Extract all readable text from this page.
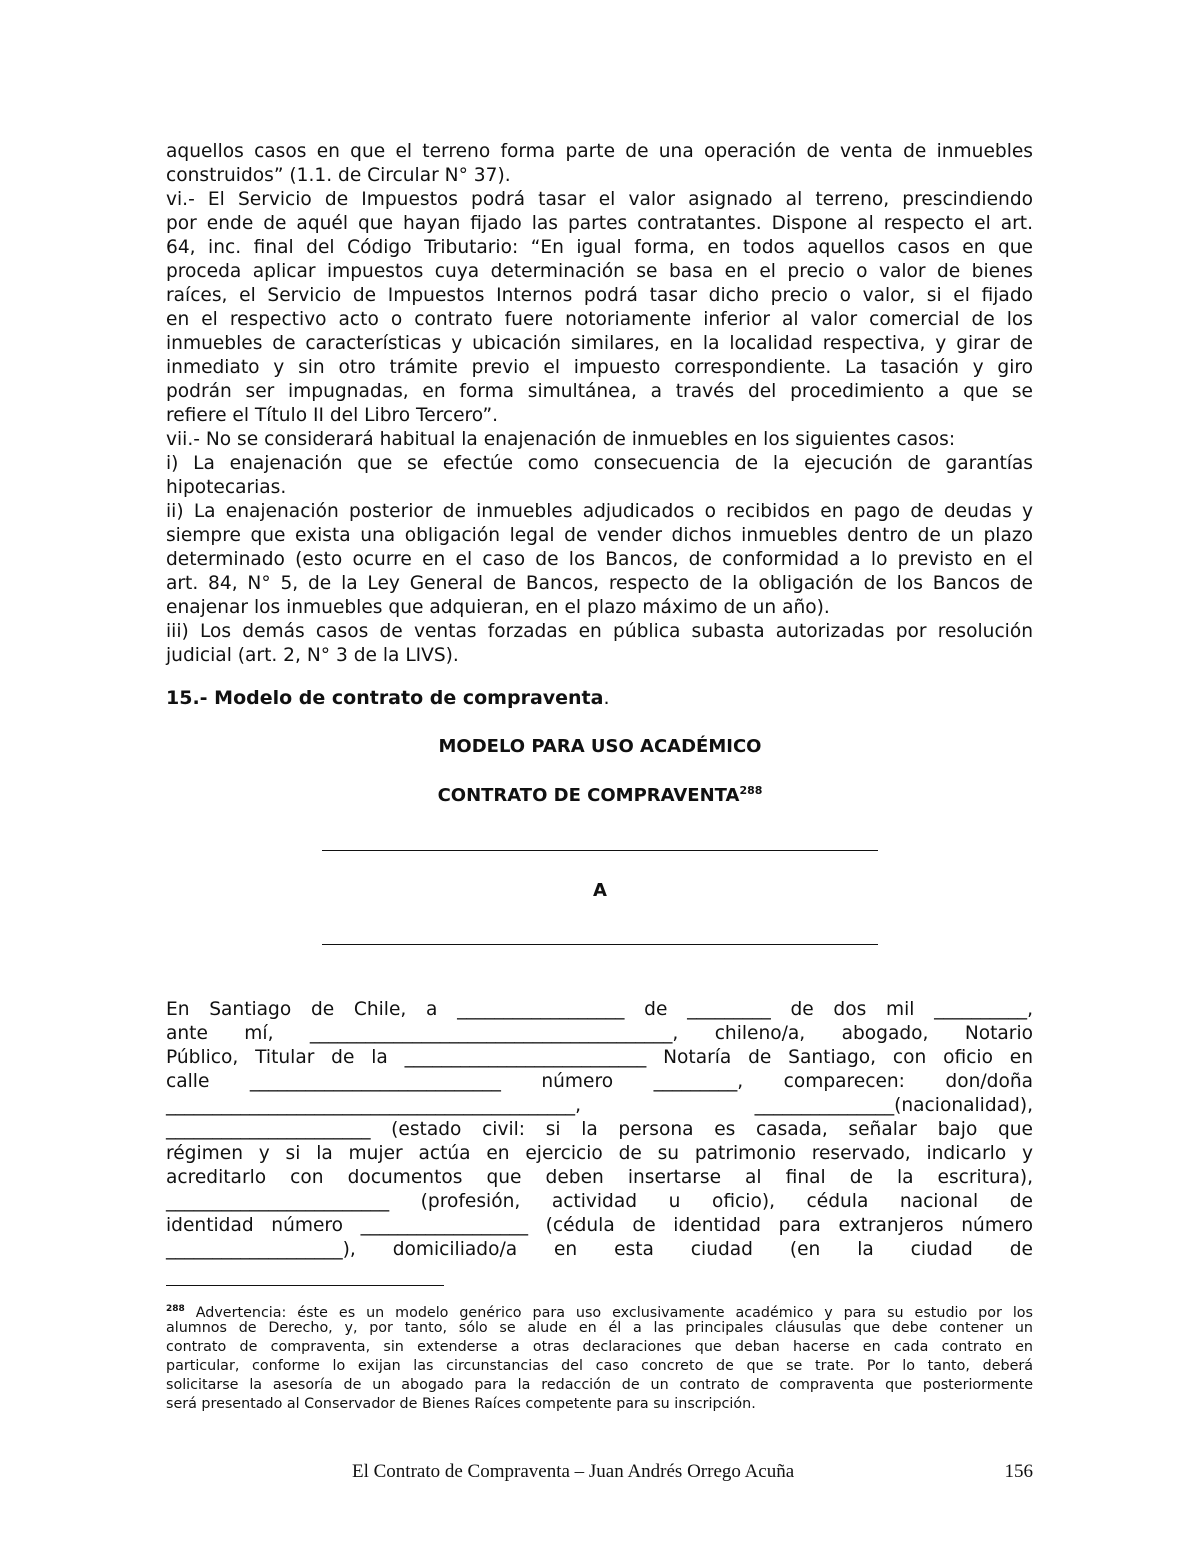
aquellos casos en que el terreno forma parte de una operación de venta de inmuebles
construidos” (1.1. de Circular N° 37).
vi.- El Servicio de Impuestos podrá tasar el valor asignado al terreno, prescindiendo
por ende de aquél que hayan fijado las partes contratantes. Dispone al respecto el art.
64, inc. final del Código Tributario: “En igual forma, en todos aquellos casos en que
proceda aplicar impuestos cuya determinación se basa en el precio o valor de bienes
raíces, el Servicio de Impuestos Internos podrá tasar dicho precio o valor, si el fijado
en el respectivo acto o contrato fuere notoriamente inferior al valor comercial de los
inmuebles de características y ubicación similares, en la localidad respectiva, y girar de
inmediato y sin otro trámite previo el impuesto correspondiente. La tasación y giro
podrán ser impugnadas, en forma simultánea, a través del procedimiento a que se
refiere el Título II del Libro Tercero”.
vii.- No se considerará habitual la enajenación de inmuebles en los siguientes casos:
i) La enajenación que se efectúe como consecuencia de la ejecución de garantías
hipotecarias.
ii) La enajenación posterior de inmuebles adjudicados o recibidos en pago de deudas y
siempre que exista una obligación legal de vender dichos inmuebles dentro de un plazo
determinado (esto ocurre en el caso de los Bancos, de conformidad a lo previsto en el
art. 84, N° 5, de la Ley General de Bancos, respecto de la obligación de los Bancos de
enajenar los inmuebles que adquieran, en el plazo máximo de un año).
iii) Los demás casos de ventas forzadas en pública subasta autorizadas por resolución
judicial (art. 2, N° 3 de la LIVS).
15.- Modelo de contrato de compraventa.
MODELO PARA USO ACADÉMICO
CONTRATO DE COMPRAVENTA$^{288}$
A
En Santiago de Chile, a __________________ de _________ de dos mil __________,
ante mí, _______________________________________, chileno/a, abogado, Notario
Público, Titular de la __________________________ Notaría de Santiago, con oficio en
calle ___________________________ número _________, comparecen: don/doña
____________________________________________, _______________(nacionalidad),
______________________ (estado civil: si la persona es casada, señalar bajo que
régimen y si la mujer actúa en ejercicio de su patrimonio reservado, indicarlo y
acreditarlo con documentos que deben insertarse al final de la escritura),
________________________ (profesión, actividad u oficio), cédula nacional de
identidad número __________________ (cédula de identidad para extranjeros número
___________________), domiciliado/a en esta ciudad (en la ciudad de
$^{288}$ Advertencia: éste es un modelo genérico para uso exclusivamente académico y para su estudio por los
alumnos de Derecho, y, por tanto, sólo se alude en él a las principales cláusulas que debe contener un
contrato de compraventa, sin extenderse a otras declaraciones que deban hacerse en cada contrato en
particular, conforme lo exijan las circunstancias del caso concreto de que se trate. Por lo tanto, deberá
solicitarse la asesoría de un abogado para la redacción de un contrato de compraventa que posteriormente
será presentado al Conservador de Bienes Raíces competente para su inscripción.
El Contrato de Compraventa – Juan Andrés Orrego Acuña	156
